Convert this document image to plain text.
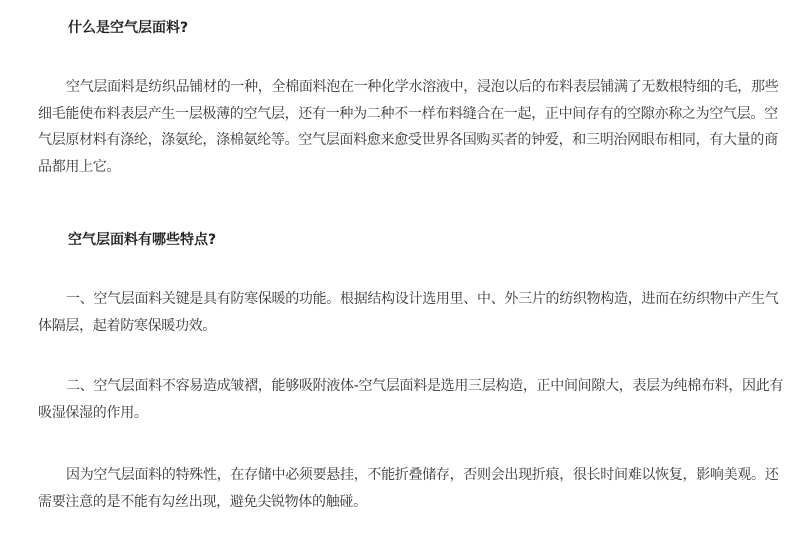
什么是空气层面料?

空气层面料是纺织品铺材的一种，全棉面料泡在一种化学水溶液中，浸泡以后的布料表层铺满了无数根特细的毛，那些细毛能使布料表层产生一层极薄的空气层，还有一种为二种不一样布料缝合在一起，正中间存有的空隙亦称之为空气层。空气层原材料有涤纶，涤氨纶，涤棉氨纶等。空气层面料愈来愈受世界各国购买者的钟爱，和三明治网眼布相同，有大量的商品都用上它。

空气层面料有哪些特点?

一、空气层面料关键是具有防寒保暖的功能。根据结构设计选用里、中、外三片的纺织物构造，进而在纺织物中产生气体隔层，起着防寒保暖功效。

二、空气层面料不容易造成皱褶，能够吸附液体-空气层面料是选用三层构造，正中间间隙大，表层为纯棉布料，因此有吸湿保湿的作用。

因为空气层面料的特殊性，在存储中必须要悬挂，不能折叠储存，否则会出现折痕，很长时间难以恢复，影响美观。还需要注意的是不能有勾丝出现，避免尖锐物体的触碰。
